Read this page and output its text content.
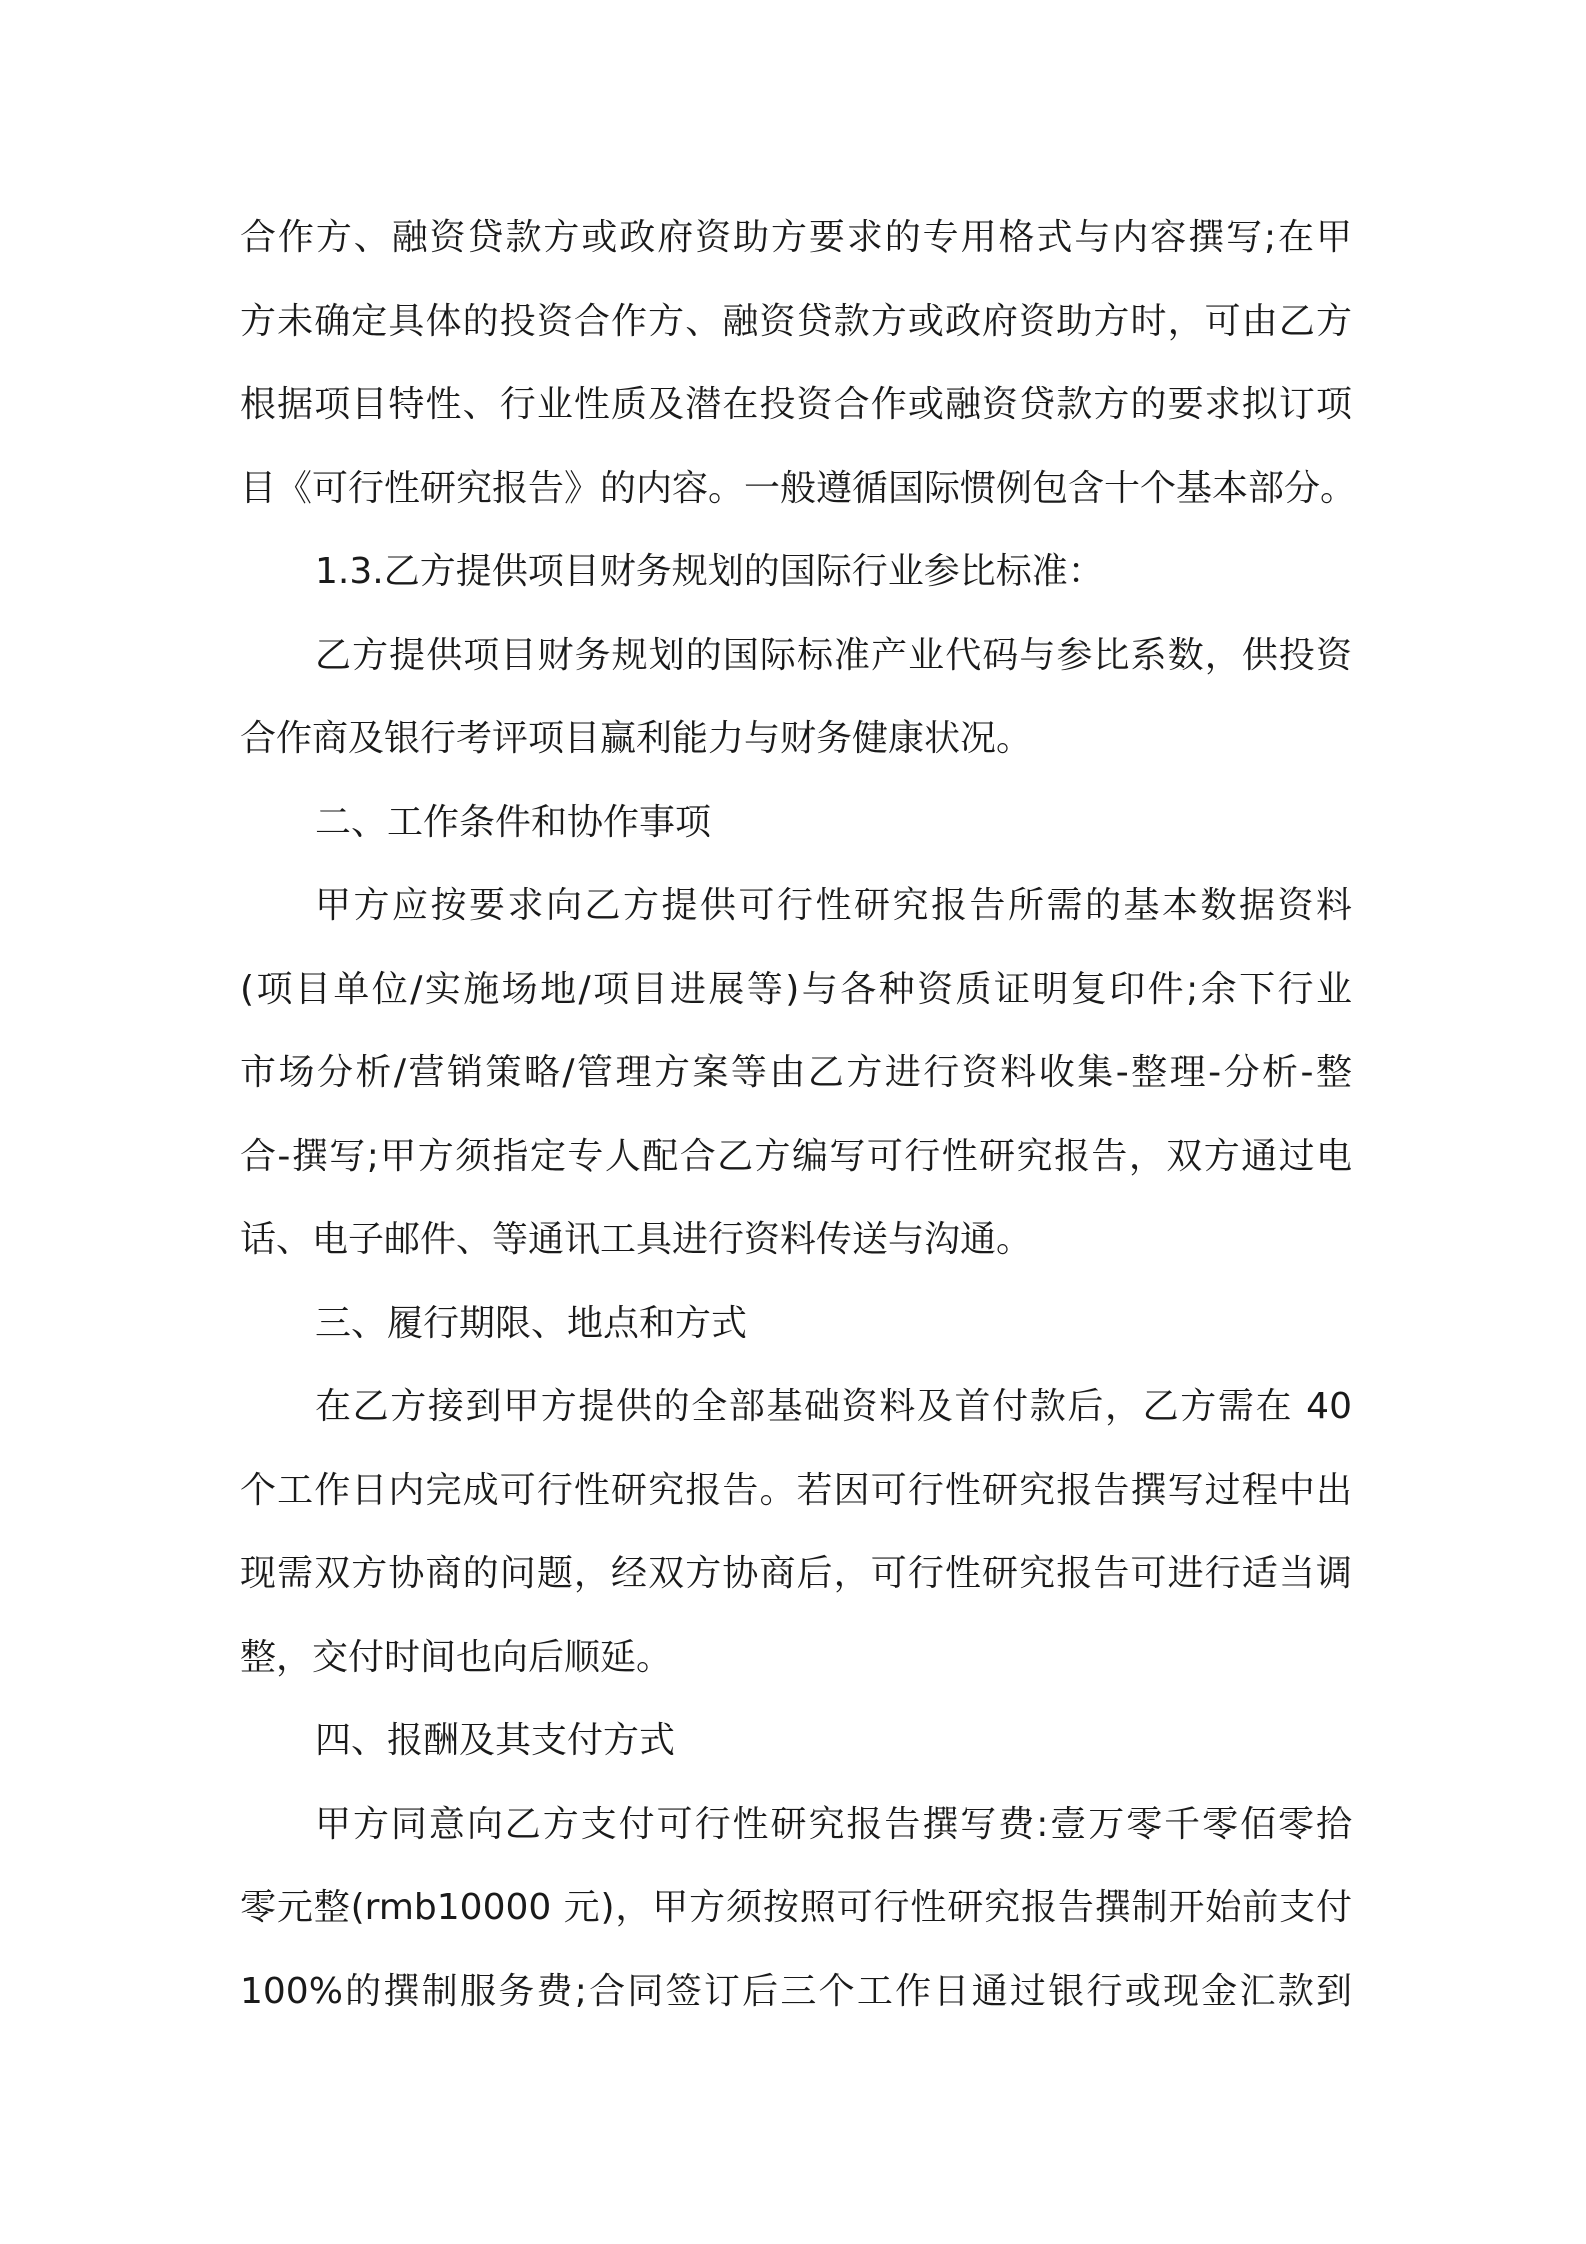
合作方、融资贷款方或政府资助方要求的专用格式与内容撰写;在甲
方未确定具体的投资合作方、融资贷款方或政府资助方时，可由乙方
根据项目特性、行业性质及潜在投资合作或融资贷款方的要求拟订项
目《可行性研究报告》的内容。一般遵循国际惯例包含十个基本部分。
1.3.乙方提供项目财务规划的国际行业参比标准：
乙方提供项目财务规划的国际标准产业代码与参比系数，供投资
合作商及银行考评项目赢利能力与财务健康状况。
二、工作条件和协作事项
甲方应按要求向乙方提供可行性研究报告所需的基本数据资料
(项目单位/实施场地/项目进展等)与各种资质证明复印件;余下行业
市场分析/营销策略/管理方案等由乙方进行资料收集-整理-分析-整
合-撰写;甲方须指定专人配合乙方编写可行性研究报告，双方通过电
话、电子邮件、等通讯工具进行资料传送与沟通。
三、履行期限、地点和方式
在乙方接到甲方提供的全部基础资料及首付款后，乙方需在 40
个工作日内完成可行性研究报告。若因可行性研究报告撰写过程中出
现需双方协商的问题，经双方协商后，可行性研究报告可进行适当调
整，交付时间也向后顺延。
四、报酬及其支付方式
甲方同意向乙方支付可行性研究报告撰写费:壹万零千零佰零拾
零元整(rmb10000 元)，甲方须按照可行性研究报告撰制开始前支付
100%的撰制服务费;合同签订后三个工作日通过银行或现金汇款到
